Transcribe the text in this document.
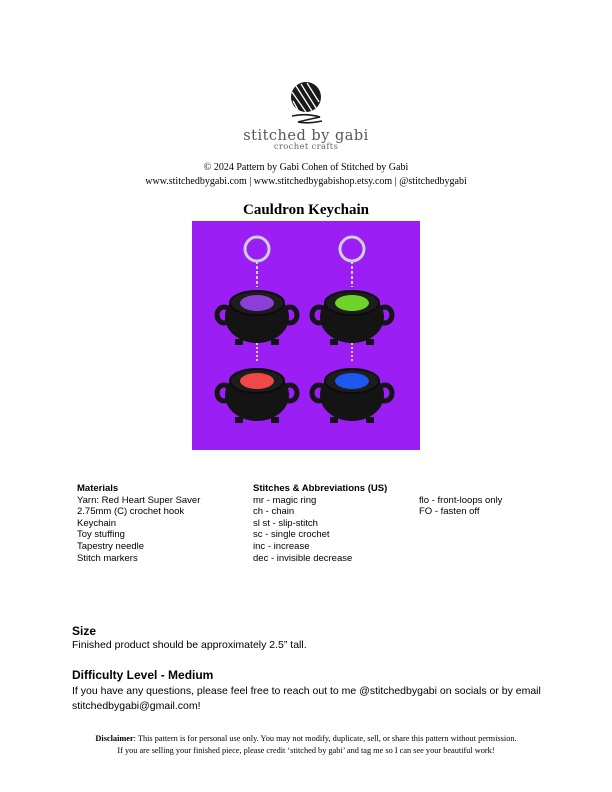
stitched by gabi
crochet crafts
© 2024 Pattern by Gabi Cohen of Stitched by Gabi
www.stitchedbygabi.com | www.stitchedbygabishop.etsy.com | @stitchedbygabi
Cauldron Keychain
Materials
Yarn: Red Heart Super Saver
2.75mm (C) crochet hook
Keychain
Toy stuffing
Tapestry needle
Stitch markers
Stitches & Abbreviations (US)
mr - magic ring
ch - chain
sl st - slip-stitch
sc - single crochet
inc - increase
dec - invisible decrease
flo - front-loops only
FO - fasten off
Size
Finished product should be approximately 2.5” tall.
Difficulty Level - Medium
If you have any questions, please feel free to reach out to me @stitchedbygabi on socials or by email stitchedbygabi@gmail.com!
Disclaimer: This pattern is for personal use only. You may not modify, duplicate, sell, or share this pattern without permission.
If you are selling your finished piece, please credit ‘stitched by gabi’ and tag me so I can see your beautiful work!
